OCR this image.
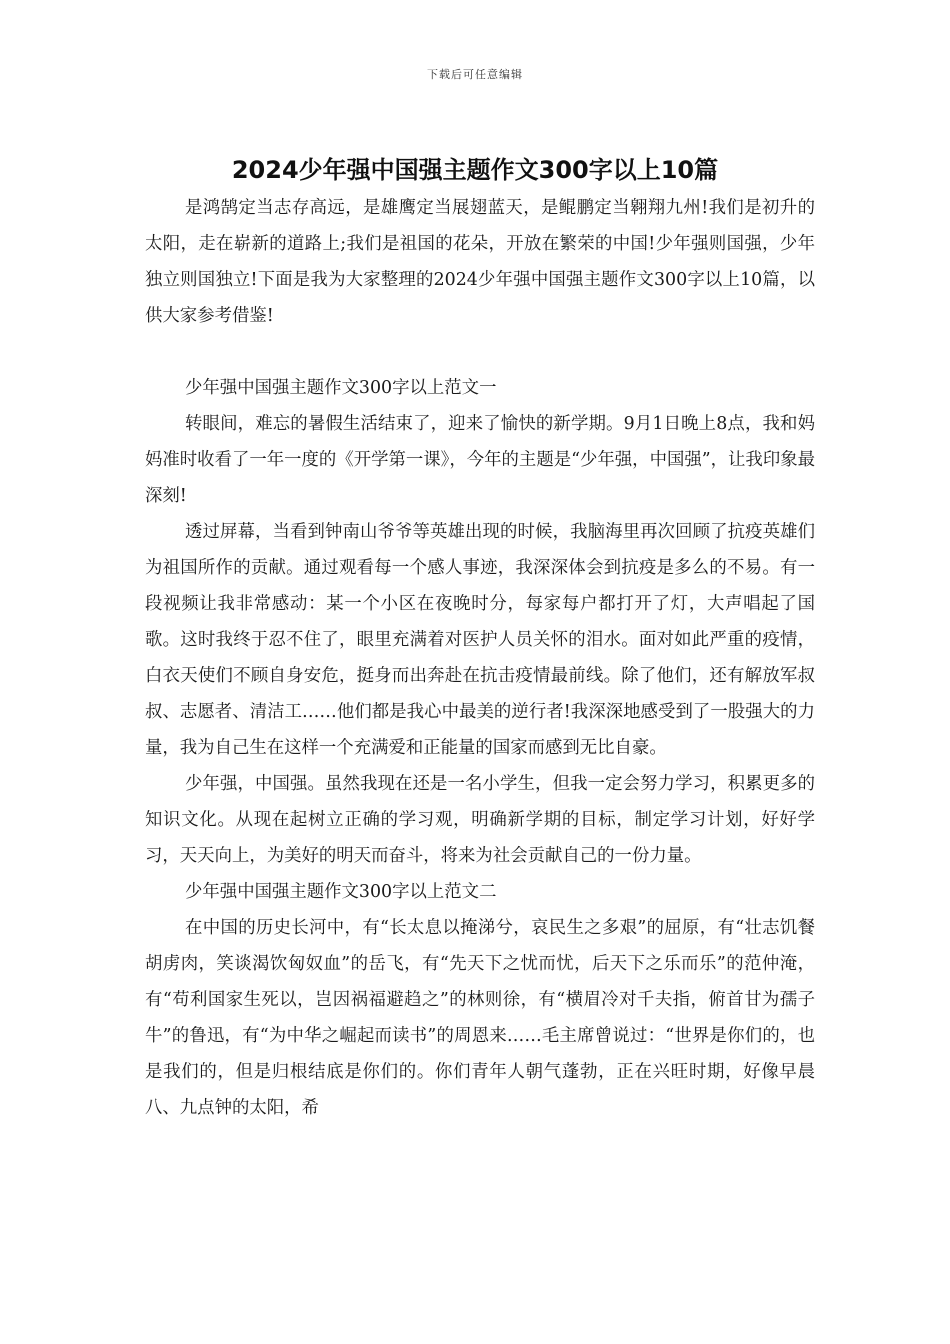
下载后可任意编辑
2024少年强中国强主题作文300字以上10篇

是鸿鹄定当志存高远，是雄鹰定当展翅蓝天，是鲲鹏定当翱翔九州!我们是初升的太阳，走在崭新的道路上;我们是祖国的花朵，开放在繁荣的中国!少年强则国强，少年独立则国独立!下面是我为大家整理的2024少年强中国强主题作文300字以上10篇，以供大家参考借鉴!

少年强中国强主题作文300字以上范文一

转眼间，难忘的暑假生活结束了，迎来了愉快的新学期。9月1日晚上8点，我和妈妈准时收看了一年一度的《开学第一课》，今年的主题是“少年强，中国强”，让我印象最深刻!

透过屏幕，当看到钟南山爷爷等英雄出现的时候，我脑海里再次回顾了抗疫英雄们为祖国所作的贡献。通过观看每一个感人事迹，我深深体会到抗疫是多么的不易。有一段视频让我非常感动：某一个小区在夜晚时分，每家每户都打开了灯，大声唱起了国歌。这时我终于忍不住了，眼里充满着对医护人员关怀的泪水。面对如此严重的疫情，白衣天使们不顾自身安危，挺身而出奔赴在抗击疫情最前线。除了他们，还有解放军叔叔、志愿者、清洁工……他们都是我心中最美的逆行者!我深深地感受到了一股强大的力量，我为自己生在这样一个充满爱和正能量的国家而感到无比自豪。

少年强，中国强。虽然我现在还是一名小学生，但我一定会努力学习，积累更多的知识文化。从现在起树立正确的学习观，明确新学期的目标，制定学习计划，好好学习，天天向上，为美好的明天而奋斗，将来为社会贡献自己的一份力量。

少年强中国强主题作文300字以上范文二

在中国的历史长河中，有“长太息以掩涕兮，哀民生之多艰”的屈原，有“壮志饥餐胡虏肉，笑谈渴饮匈奴血”的岳飞，有“先天下之忧而忧，后天下之乐而乐”的范仲淹，有“苟利国家生死以，岂因祸福避趋之”的林则徐，有“横眉冷对千夫指，俯首甘为孺子牛”的鲁迅，有“为中华之崛起而读书”的周恩来……毛主席曾说过：“世界是你们的，也是我们的，但是归根结底是你们的。你们青年人朝气蓬勃，正在兴旺时期，好像早晨八、九点钟的太阳，希
